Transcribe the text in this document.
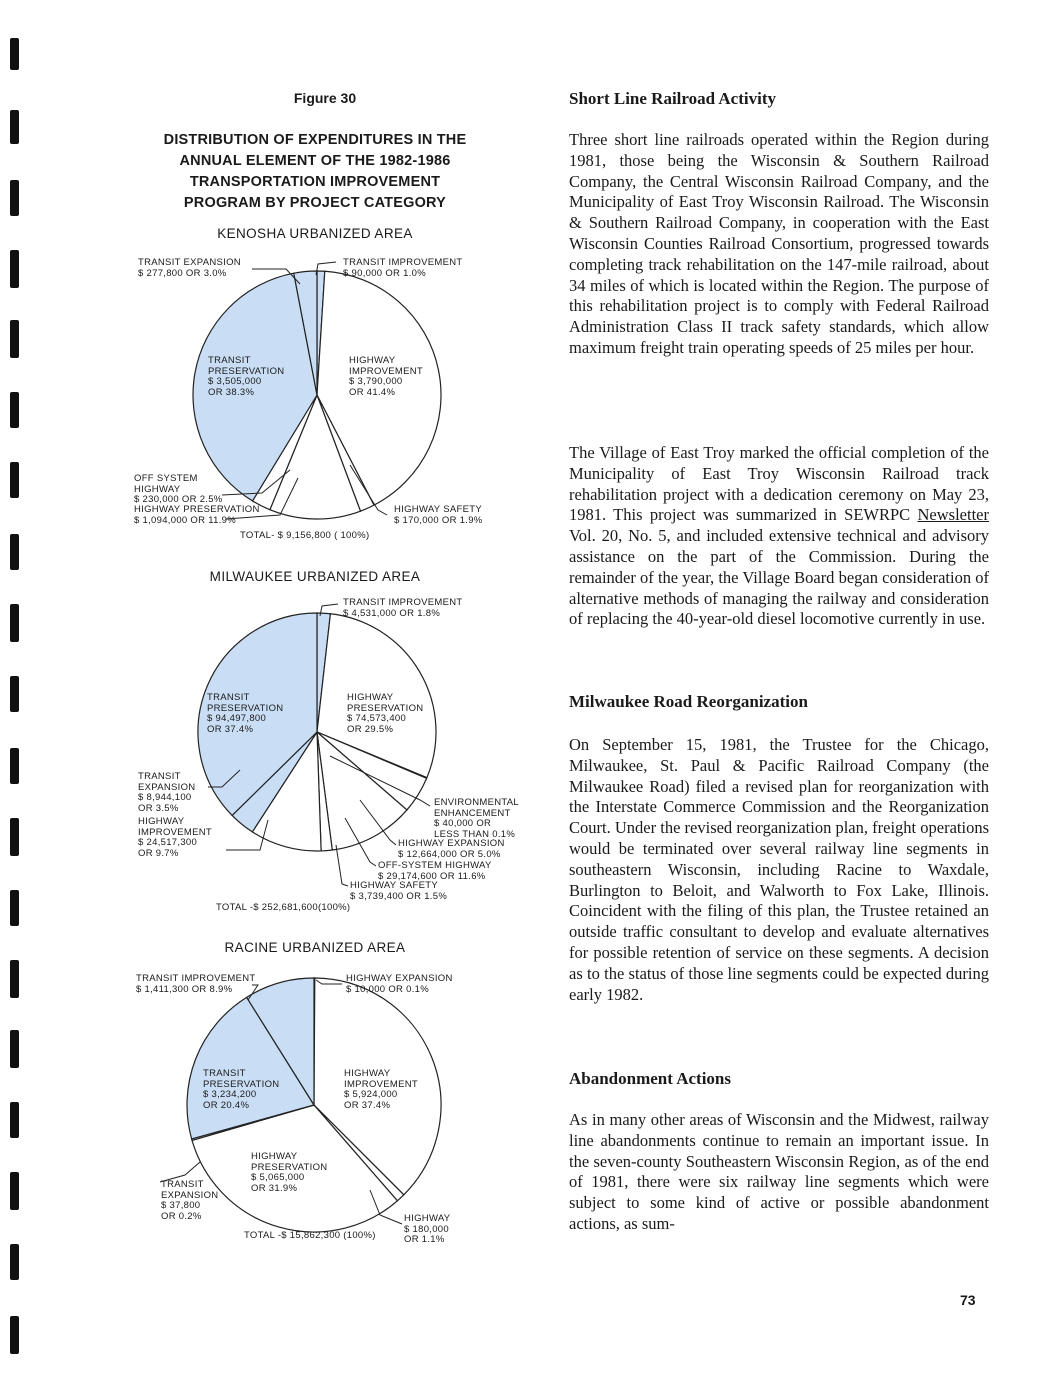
Figure 30
DISTRIBUTION OF EXPENDITURES IN THE
ANNUAL ELEMENT OF THE 1982-1986
TRANSPORTATION IMPROVEMENT
PROGRAM BY PROJECT CATEGORY
KENOSHA URBANIZED AREA
TRANSIT EXPANSION
$ 277,800 OR 3.0%
TRANSIT IMPROVEMENT
$ 90,000 OR 1.0%
TRANSIT
PRESERVATION
$ 3,505,000
OR 38.3%
HIGHWAY
IMPROVEMENT
$ 3,790,000
OR 41.4%
OFF SYSTEM
HIGHWAY
$ 230,000 OR 2.5%
HIGHWAY PRESERVATION
$ 1,094,000 OR 11.9%
HIGHWAY SAFETY
$ 170,000 OR 1.9%
TOTAL- $ 9,156,800 ( 100%)
MILWAUKEE URBANIZED AREA
TRANSIT IMPROVEMENT
$ 4,531,000 OR 1.8%
TRANSIT
PRESERVATION
$ 94,497,800
OR 37.4%
HIGHWAY
PRESERVATION
$ 74,573,400
OR 29.5%
TRANSIT
EXPANSION
$ 8,944,100
OR 3.5%
HIGHWAY
IMPROVEMENT
$ 24,517,300
OR 9.7%
ENVIRONMENTAL
ENHANCEMENT
$ 40,000 OR
LESS THAN 0.1%
HIGHWAY EXPANSION
$ 12,664,000 OR 5.0%
OFF-SYSTEM HIGHWAY
$ 29,174,600 OR 11.6%
HIGHWAY SAFETY
$ 3,739,400 OR 1.5%
TOTAL -$ 252,681,600(100%)
RACINE URBANIZED AREA
TRANSIT IMPROVEMENT
$ 1,411,300 OR 8.9%
HIGHWAY EXPANSION
$ 10,000 OR 0.1%
TRANSIT
PRESERVATION
$ 3,234,200
OR 20.4%
HIGHWAY
IMPROVEMENT
$ 5,924,000
OR 37.4%
HIGHWAY
PRESERVATION
$ 5,065,000
OR 31.9%
TRANSIT
EXPANSION
$ 37,800
OR 0.2%	HIGHWAY
$ 180,000
OR 1.1%
TOTAL -$ 15,862,300 (100%)
Short Line Railroad Activity
Three short line railroads operated within the Region during 1981, those being the Wisconsin & Southern Railroad Company, the Central Wisconsin Railroad Company, and the Municipality of East Troy Wisconsin Railroad. The Wisconsin & Southern Railroad Company, in cooperation with the East Wisconsin Counties Railroad Consortium, progressed towards completing track rehabilitation on the 147-mile railroad, about 34 miles of which is located within the Region. The purpose of this rehabilitation project is to comply with Federal Railroad Administration Class II track safety standards, which allow maximum freight train operating speeds of 25 miles per hour.
The Village of East Troy marked the official completion of the Municipality of East Troy Wisconsin Railroad track rehabilitation project with a dedication ceremony on May 23, 1981. This project was summarized in SEWRPC Newsletter Vol. 20, No. 5, and included extensive technical and advisory assistance on the part of the Commission. During the remainder of the year, the Village Board began consideration of alternative methods of managing the railway and consideration of replacing the 40-year-old diesel locomotive currently in use.
Milwaukee Road Reorganization
On September 15, 1981, the Trustee for the Chicago, Milwaukee, St. Paul & Pacific Railroad Company (the Milwaukee Road) filed a revised plan for reorganization with the Interstate Commerce Commission and the Reorganization Court. Under the revised reorganization plan, freight operations would be terminated over several railway line segments in southeastern Wisconsin, including Racine to Waxdale, Burlington to Beloit, and Walworth to Fox Lake, Illinois. Coincident with the filing of this plan, the Trustee retained an outside traffic consultant to develop and evaluate alternatives for possible retention of service on these segments. A decision as to the status of those line segments could be expected during early 1982.
Abandonment Actions
As in many other areas of Wisconsin and the Midwest, railway line abandonments continue to remain an important issue. In the seven-county Southeastern Wisconsin Region, as of the end of 1981, there were six railway line segments which were subject to some kind of active or possible abandonment actions, as sum-
73
